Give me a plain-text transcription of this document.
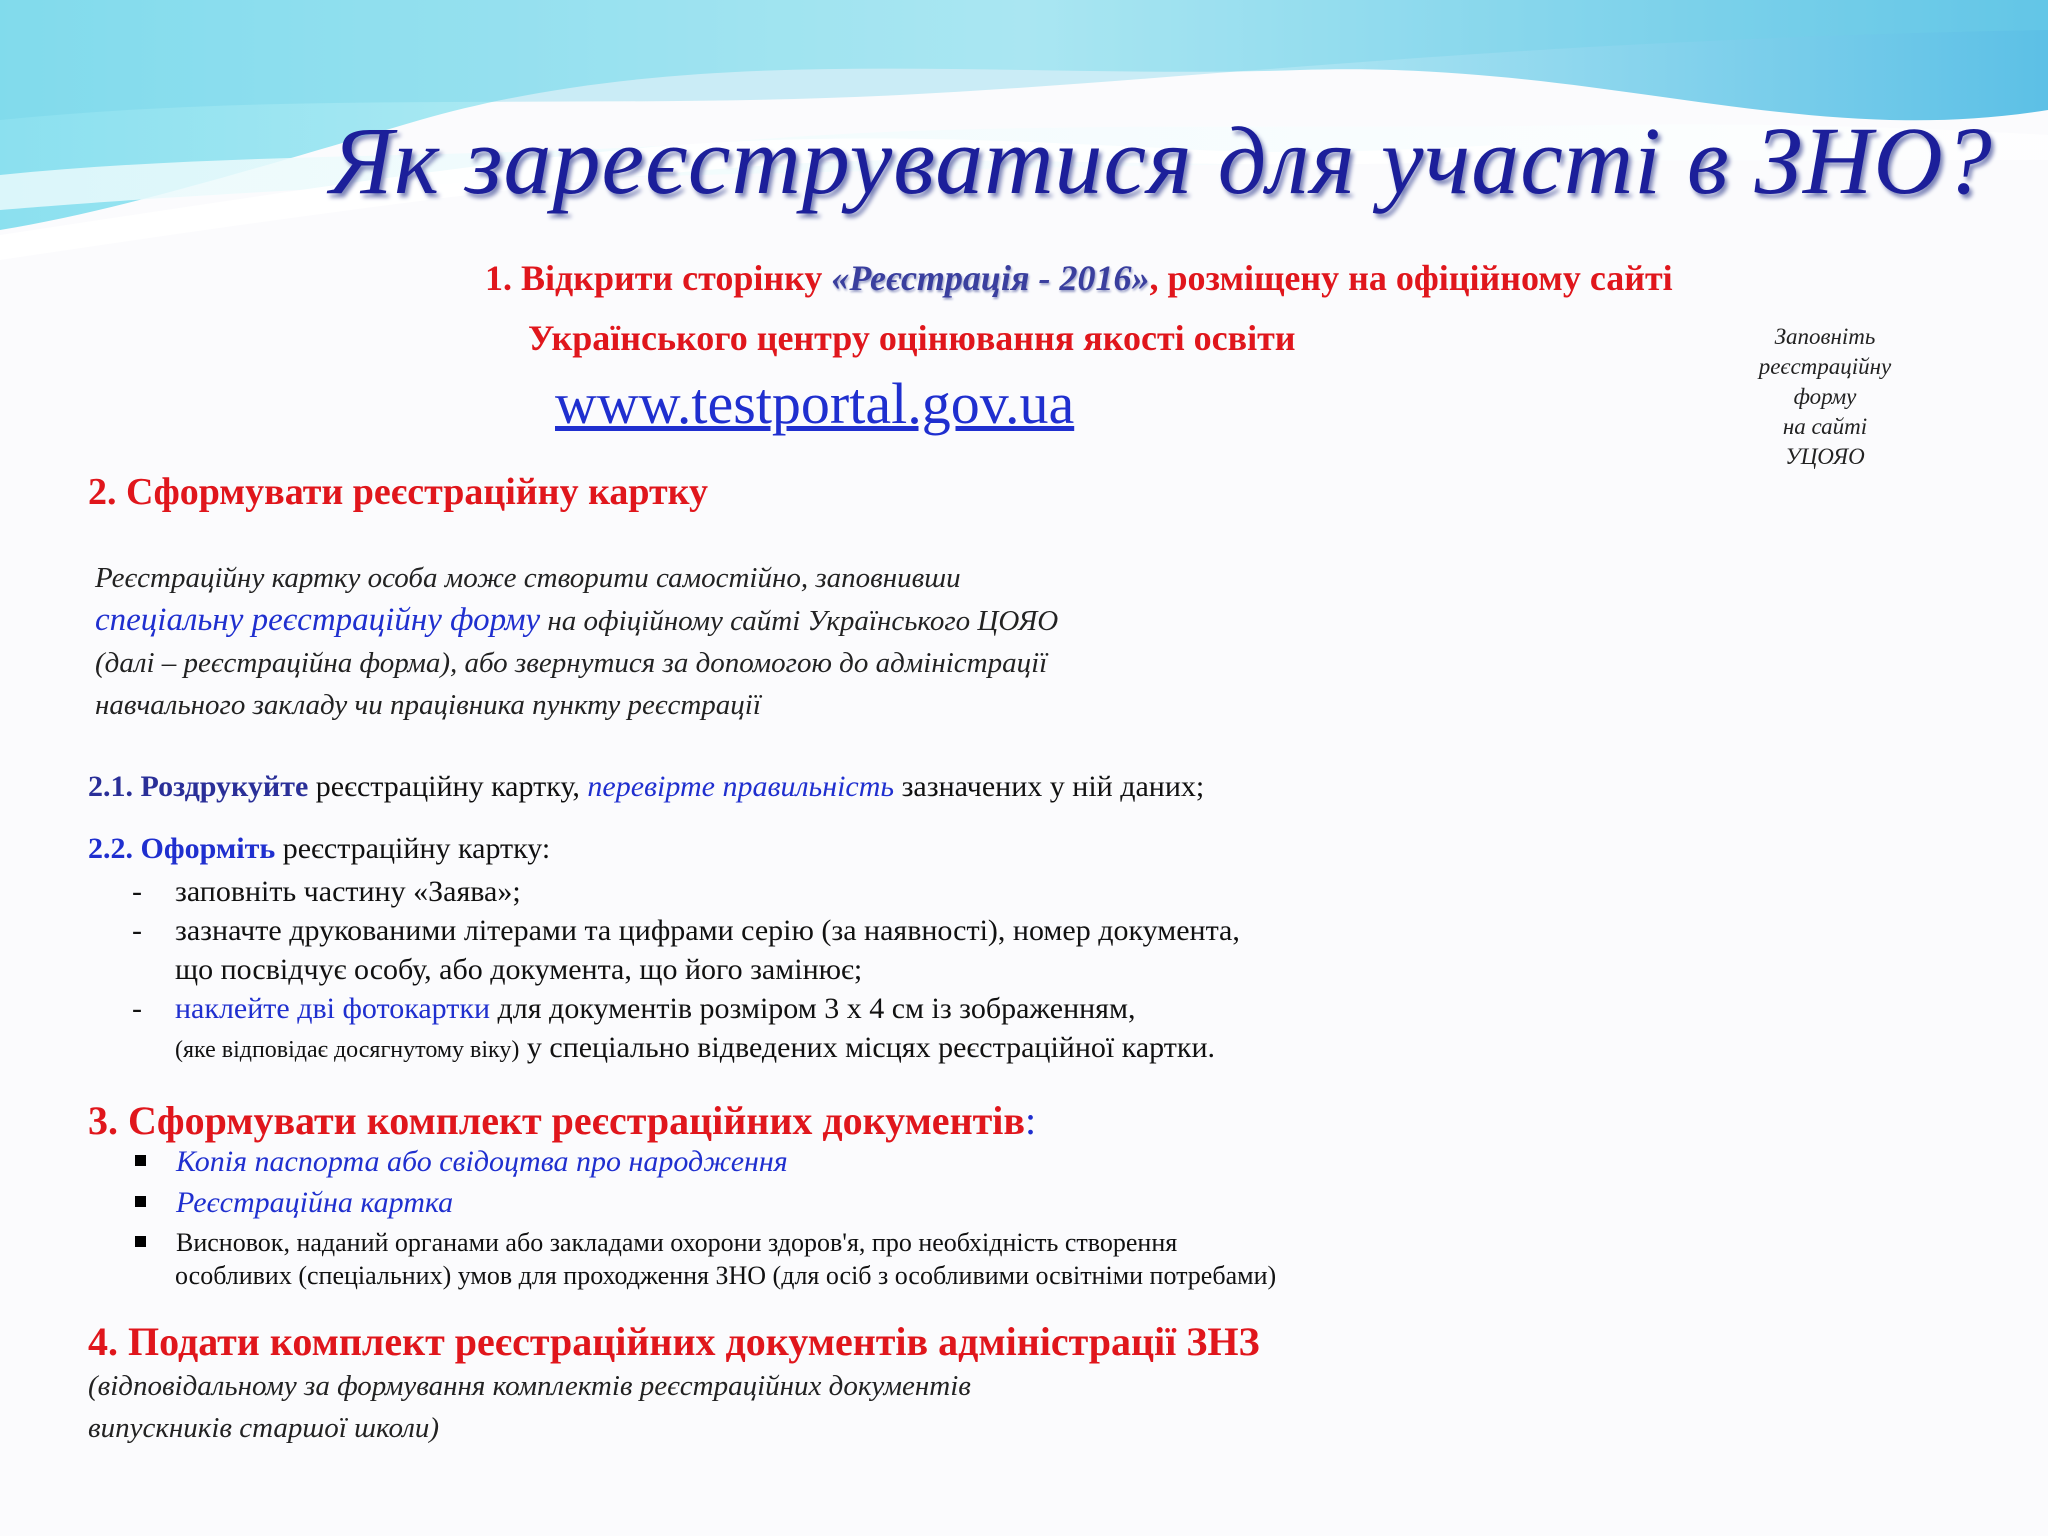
Як зареєструватися для участі в ЗНО?
1. Відкрити сторінку «Реєстрація - 2016», розміщену на офіційному сайті
Українського центру оцінювання якості освіти
www.testportal.gov.ua
Заповніть
реєстраційну
форму
на сайті
УЦОЯО
2. Сформувати реєстраційну картку
Реєстраційну картку особа може створити самостійно, заповнивши
спеціальну реєстраційну форму на офіційному сайті Українського ЦОЯО
(далі – реєстраційна форма), або звернутися за допомогою до адміністрації
навчального закладу чи працівника пункту реєстрації
2.1. Роздрукуйте реєстраційну картку, перевірте правильність зазначених у ній даних;
2.2. Оформіть реєстраційну картку:
- заповніть частину «Заява»;
- зазначте друкованими літерами та цифрами серію (за наявності), номер документа,
що посвідчує особу, або документа, що його замінює;
- наклейте дві фотокартки для документів розміром 3 х 4 см із зображенням,
(яке відповідає досягнутому віку) у спеціально відведених місцях реєстраційної картки.
3. Сформувати комплект реєстраційних документів:
Копія паспорта або свідоцтва про народження
Реєстраційна картка
Висновок, наданий органами або закладами охорони здоров'я, про необхідність створення
особливих (спеціальних) умов для проходження ЗНО (для осіб з особливими освітніми потребами)
4. Подати комплект реєстраційних документів адміністрації ЗНЗ
(відповідальному за формування комплектів реєстраційних документів
випускників старшої школи)
